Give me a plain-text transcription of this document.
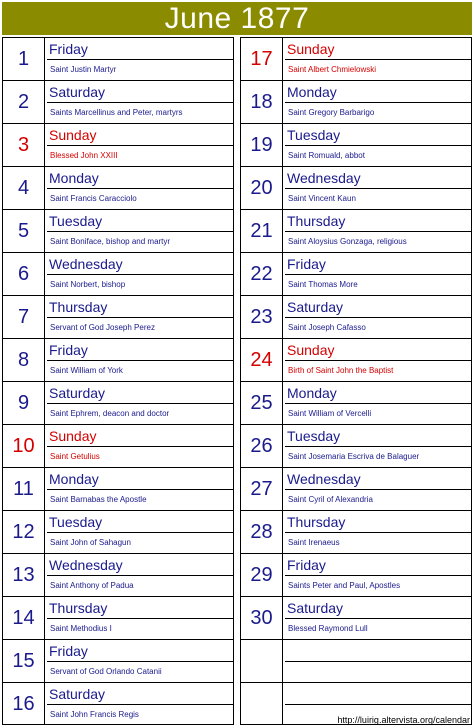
June 1877
1	Friday
Saint Justin Martyr
2	Saturday
Saints Marcellinus and Peter, martyrs
3	Sunday
Blessed John XXIII
4	Monday
Saint Francis Caracciolo
5	Tuesday
Saint Boniface, bishop and martyr
6	Wednesday
Saint Norbert, bishop
7	Thursday
Servant of God Joseph Perez
8	Friday
Saint William of York
9	Saturday
Saint Ephrem, deacon and doctor
10	Sunday
Saint Getulius
11	Monday
Saint Barnabas the Apostle
12	Tuesday
Saint John of Sahagun
13	Wednesday
Saint Anthony of Padua
14	Thursday
Saint Methodius I
15	Friday
Servant of God Orlando Catanii
16	Saturday
Saint John Francis Regis
17	Sunday
Saint Albert Chmielowski
18	Monday
Saint Gregory Barbarigo
19	Tuesday
Saint Romuald, abbot
20	Wednesday
Saint Vincent Kaun
21	Thursday
Saint Aloysius Gonzaga, religious
22	Friday
Saint Thomas More
23	Saturday
Saint Joseph Cafasso
24	Sunday
Birth of Saint John the Baptist
25	Monday
Saint William of Vercelli
26	Tuesday
Saint Josemaria Escriva de Balaguer
27	Wednesday
Saint Cyril of Alexandria
28	Thursday
Saint Irenaeus
29	Friday
Saints Peter and Paul, Apostles
30	Saturday
Blessed Raymond Lull
http://luirig.altervista.org/calendar
